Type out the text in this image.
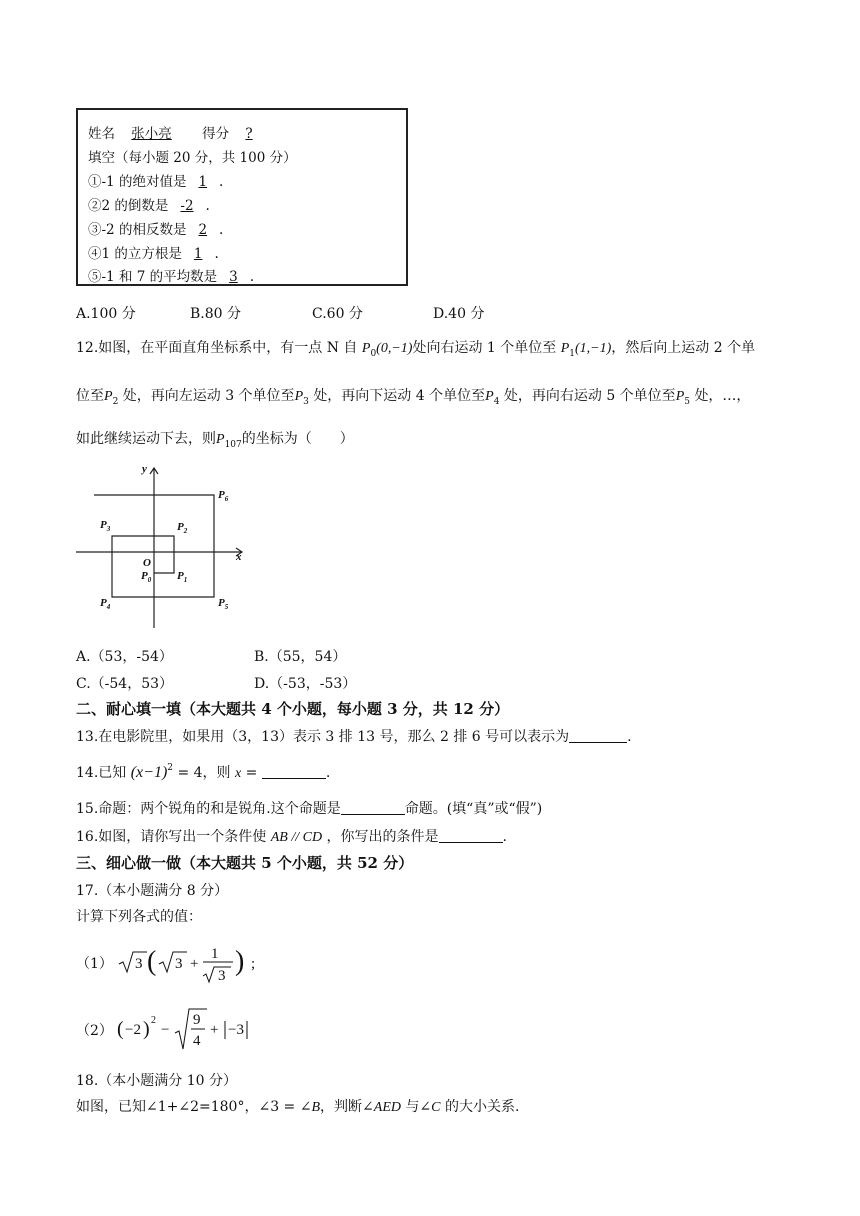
姓名 张小亮 得分 ?
填空（每小题 20 分，共 100 分）
①-1 的绝对值是 1 .
②2 的倒数是 -2 .
③-2 的相反数是 2 .
④1 的立方根是 1 .
⑤-1 和 7 的平均数是 3 .
A.100 分	B.80 分	C.60 分	D.40 分
12.如图，在平面直角坐标系中，有一点 N 自 $P_0(0,-1)$处向右运动 1 个单位至 $P_1(1,-1)$，然后向上运动 2 个单
位至$P_2$ 处，再向左运动 3 个单位至$P_3$ 处，再向下运动 4 个单位至$P_4$ 处，再向右运动 5 个单位至$P_5$ 处，…，
如此继续运动下去，则$P_{107}$的坐标为（　　）
y
x
O
$P_0$ $P_1$
$P_2$
$P_3$
$P_4$	$P_5$
$P_6$
A.（53，-54）	B.（55，54）
C.（-54，53）	D.（-53，-53）
二、耐心填一填（本大题共 4 个小题，每小题 3 分，共 12 分）
13.在电影院里，如果用（3，13）表示 3 排 13 号，那么 2 排 6 号可以表示为	.
14.已知 $(x-1)^2 = 4$，则 x =	.
15.命题：两个锐角的和是锐角.这个命题是	命题。(填“真”或“假”)
16.如图，请你写出一个条件使 AB // CD ，你写出的条件是	.
三、细心做一做（本大题共 5 个小题，共 52 分）
17.（本小题满分 8 分）
计算下列各式的值：
（1） 3 ( 3 +
1
3 ) ;
（2） ( −2 ) 2
−
9
4
+ −3
18.（本小题满分 10 分）
如图，已知∠1+∠2=180°，∠3 = ∠B，判断∠AED 与∠C 的大小关系.
